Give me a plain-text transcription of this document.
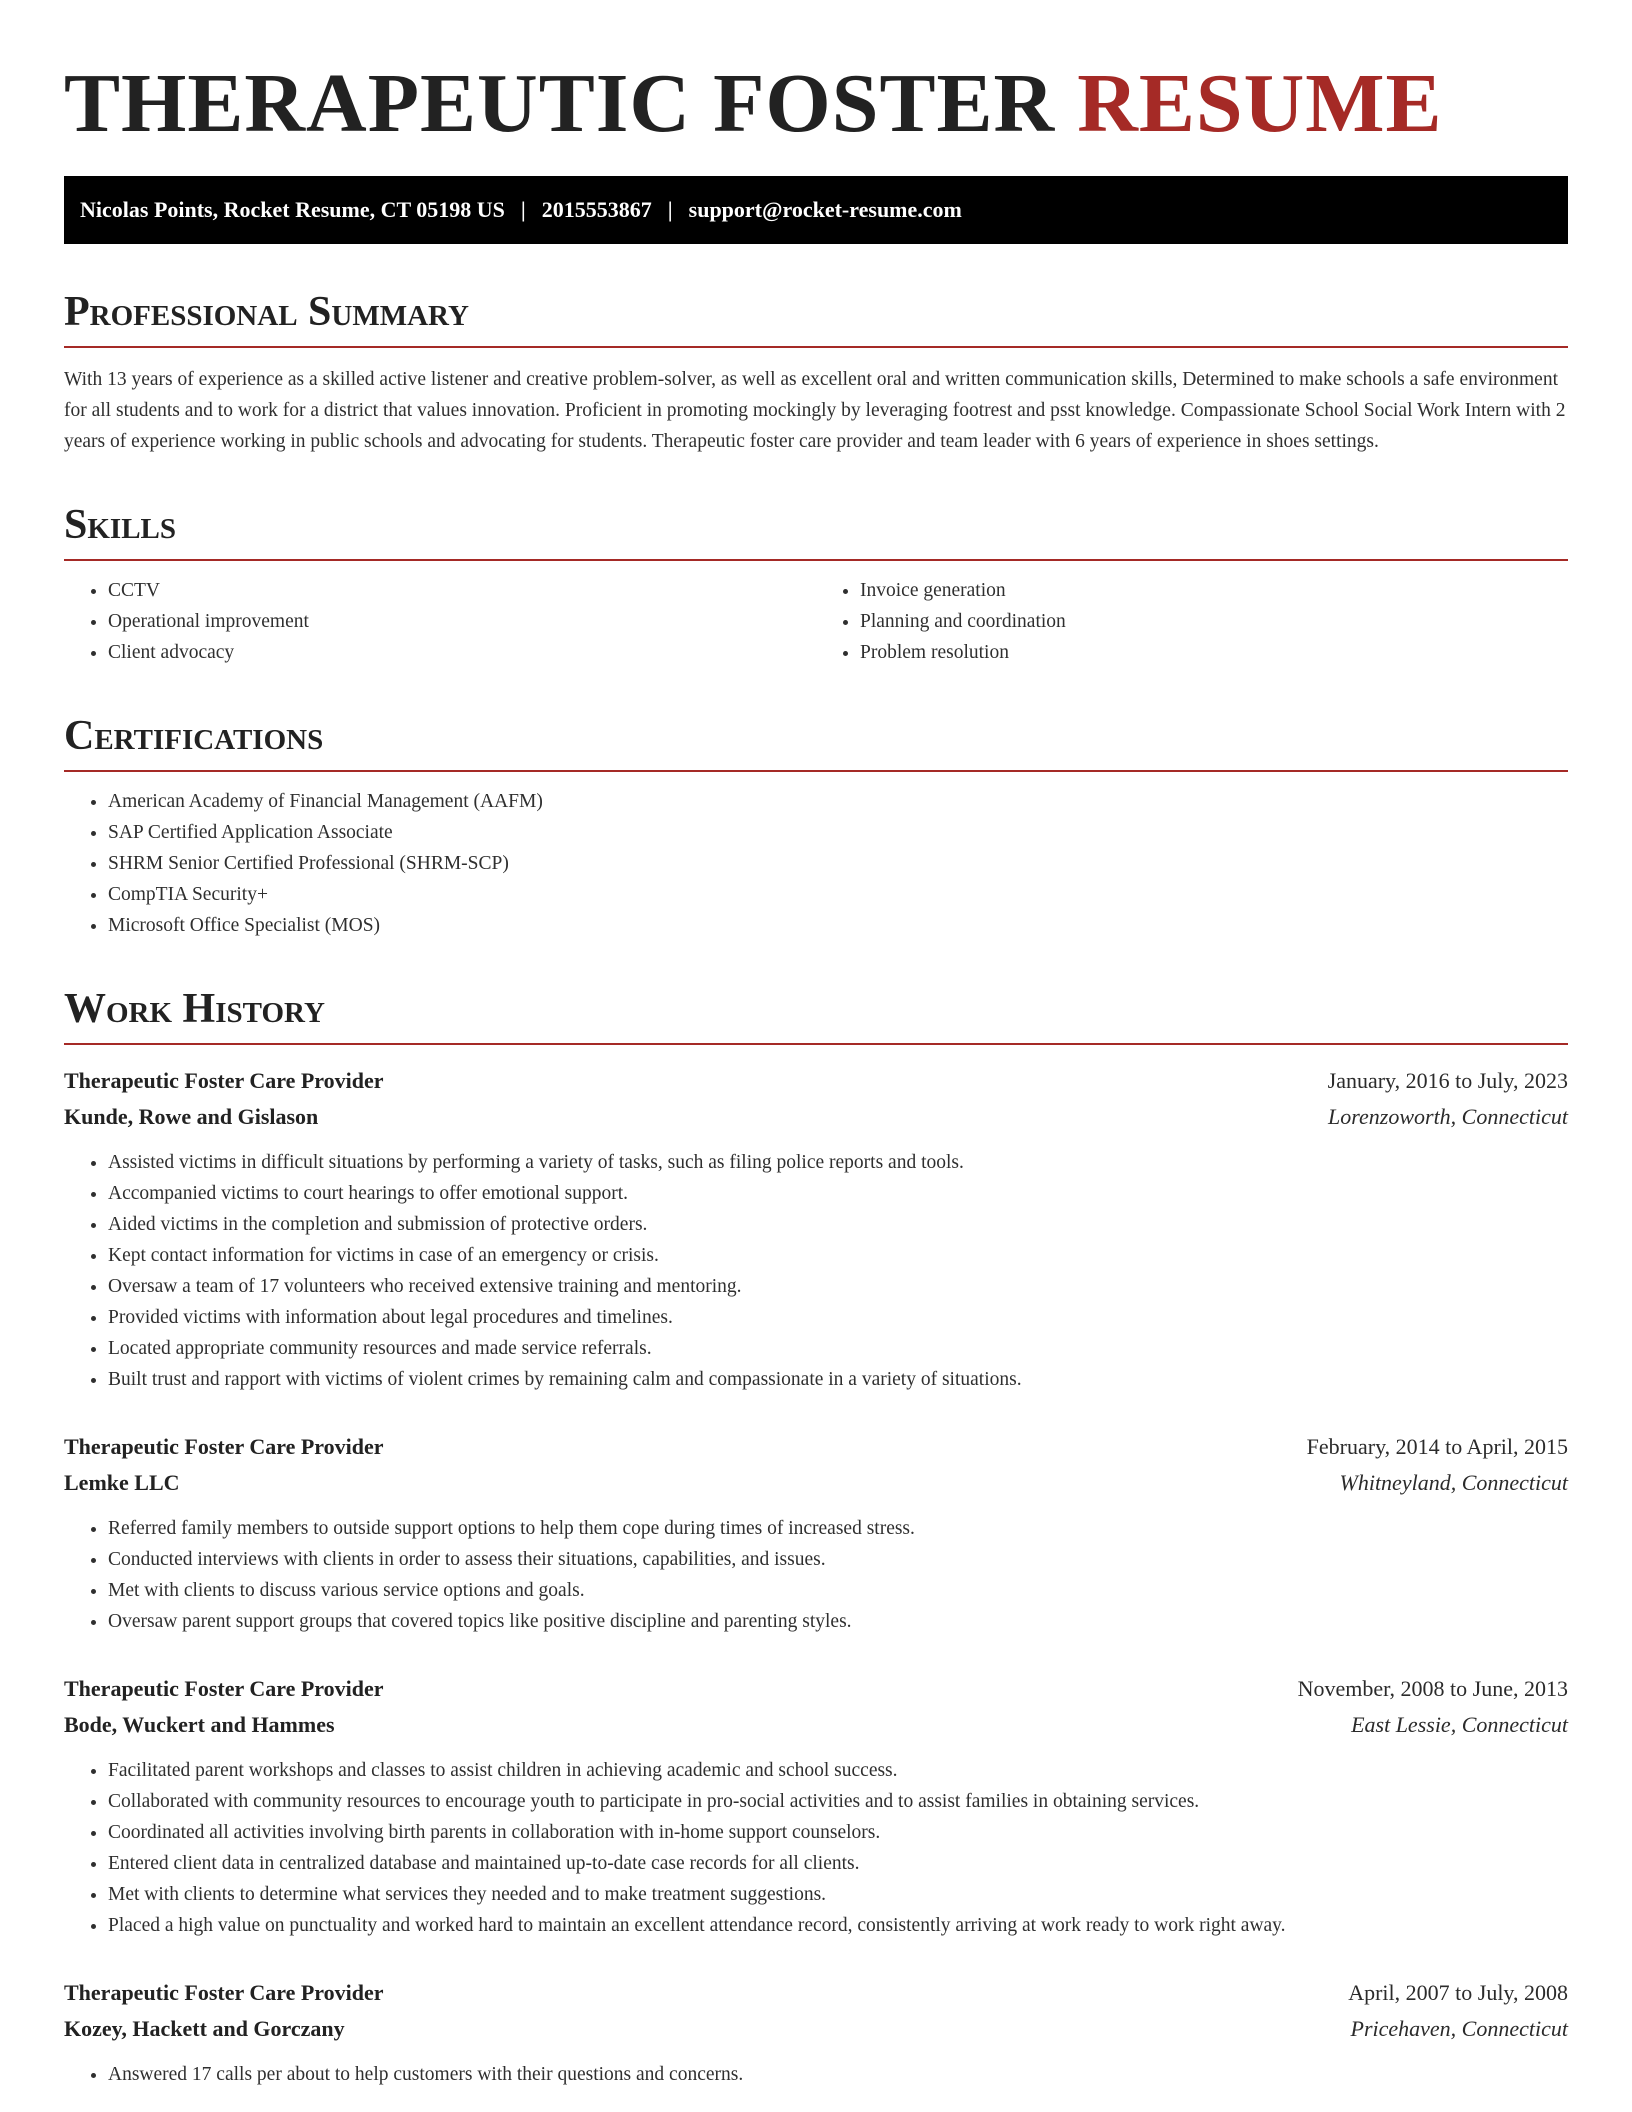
THERAPEUTIC FOSTER RESUME
Nicolas Points, Rocket Resume, CT 05198 US | 2015553867 | support@rocket-resume.com
Professional Summary

With 13 years of experience as a skilled active listener and creative problem-solver, as well as excellent oral and written communication skills, Determined to make schools a safe environment for all students and to work for a district that values innovation. Proficient in promoting mockingly by leveraging footrest and psst knowledge. Compassionate School Social Work Intern with 2 years of experience working in public schools and advocating for students. Therapeutic foster care provider and team leader with 6 years of experience in shoes settings.

Skills
• CCTV
• Operational improvement
• Client advocacy
• Invoice generation
• Planning and coordination
• Problem resolution
Certifications
• American Academy of Financial Management (AAFM)
• SAP Certified Application Associate
• SHRM Senior Certified Professional (SHRM-SCP)
• CompTIA Security+
• Microsoft Office Specialist (MOS)
Work History
Therapeutic Foster Care Provider	January, 2016 to July, 2023
Kunde, Rowe and Gislason	Lorenzoworth, Connecticut
• Assisted victims in difficult situations by performing a variety of tasks, such as filing police reports and tools.
• Accompanied victims to court hearings to offer emotional support.
• Aided victims in the completion and submission of protective orders.
• Kept contact information for victims in case of an emergency or crisis.
• Oversaw a team of 17 volunteers who received extensive training and mentoring.
• Provided victims with information about legal procedures and timelines.
• Located appropriate community resources and made service referrals.
• Built trust and rapport with victims of violent crimes by remaining calm and compassionate in a variety of situations.
Therapeutic Foster Care Provider	February, 2014 to April, 2015
Lemke LLC	Whitneyland, Connecticut
• Referred family members to outside support options to help them cope during times of increased stress.
• Conducted interviews with clients in order to assess their situations, capabilities, and issues.
• Met with clients to discuss various service options and goals.
• Oversaw parent support groups that covered topics like positive discipline and parenting styles.
Therapeutic Foster Care Provider	November, 2008 to June, 2013
Bode, Wuckert and Hammes	East Lessie, Connecticut
• Facilitated parent workshops and classes to assist children in achieving academic and school success.
• Collaborated with community resources to encourage youth to participate in pro-social activities and to assist families in obtaining services.
• Coordinated all activities involving birth parents in collaboration with in-home support counselors.
• Entered client data in centralized database and maintained up-to-date case records for all clients.
• Met with clients to determine what services they needed and to make treatment suggestions.
• Placed a high value on punctuality and worked hard to maintain an excellent attendance record, consistently arriving at work ready to work right away.
Therapeutic Foster Care Provider	April, 2007 to July, 2008
Kozey, Hackett and Gorczany	Pricehaven, Connecticut
• Answered 17 calls per about to help customers with their questions and concerns.
